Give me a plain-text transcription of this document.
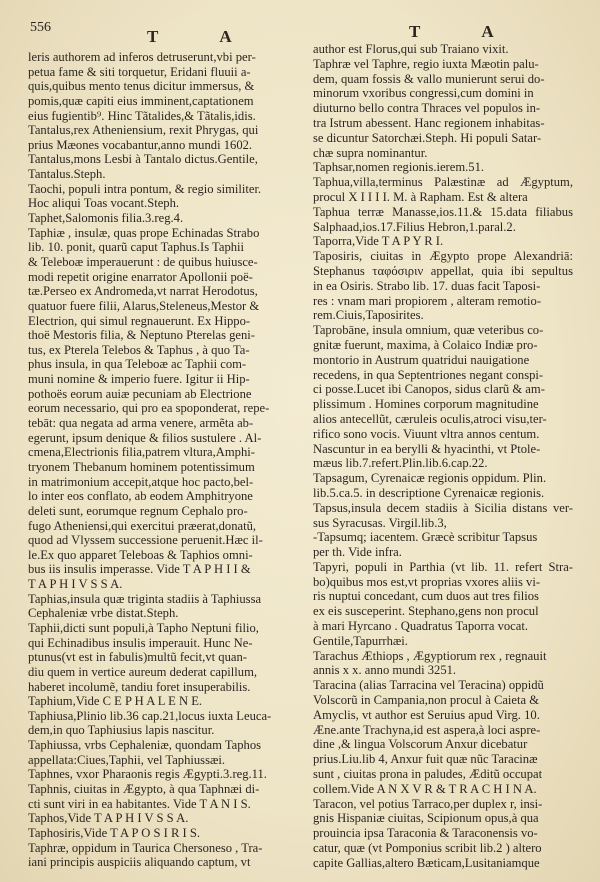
556	T A	T A
leris authorem ad inferos detruserunt,vbi per-
petua fame & siti torquetur, Eridani fluuii a-
quis,quibus mento tenus dicitur immersus, &
pomis,quæ capiti eius imminent,captationem
eius fugientib⁹. Hinc Tãtalides,& Tãtalis,idis.
Tantalus,rex Atheniensium, rexit Phrygas, qui
prius Mæones vocabantur,anno mundi 1602.
Tantalus,mons Lesbi à Tantalo dictus.Gentile,
Tantalus.Steph.
Taochi, populi intra pontum, & regio similiter.
Hoc aliqui Toas vocant.Steph.
Taphet,Salomonis filia.3.reg.4.
Taphiæ , insulæ, quas prope Echinadas Strabo
lib. 10. ponit, quarũ caput Taphus.Is Taphii
& Teleboæ imperauerunt : de quibus huiusce-
modi repetit origine enarrator Apollonii poë-
tæ.Perseo ex Andromeda,vt narrat Herodotus,
quatuor fuere filii, Alarus,Steleneus,Mestor &
Electrion, qui simul regnauerunt. Ex Hippo-
thoë Mestoris filia, & Neptuno Pterelas geni-
tus, ex Pterela Telebos & Taphus , à quo Ta-
phus insula, in qua Teleboæ ac Taphii com-
muni nomine & imperio fuere. Igitur ii Hip-
pothoës eorum auiæ pecuniam ab Electrione
eorum necessario, qui pro ea spoponderat, repe-
tebāt: qua negata ad arma venere, armẽta ab-
egerunt, ipsum denique & filios sustulere . Al-
cmena,Electrionis filia,patrem vltura,Amphi-
tryonem Thebanum hominem potentissimum
in matrimonium accepit,atque hoc pacto,bel-
lo inter eos conflato, ab eodem Amphitryone
deleti sunt, eorumque regnum Cephalo pro-
fugo Atheniensi,qui exercitui præerat,donatũ,
quod ad Vlyssem successione peruenit.Hæc il-
le.Ex quo apparet Teleboas & Taphios omni-
bus iis insulis imperasse. Vide T A P H I I &
T A P H I V S S A.
Taphias,insula quæ triginta stadiis à Taphiussa
Cephaleniæ vrbe distat.Steph.
Taphii,dicti sunt populi,à Tapho Neptuni filio,
qui Echinadibus insulis imperauit. Hunc Ne-
ptunus(vt est in fabulis)multũ fecit,vt quan-
diu quem in vertice aureum dederat capillum,
haberet incolumẽ, tandiu foret insuperabilis.
Taphium,Vide C E P H A L E N E.
Taphiusa,Plinio lib.36 cap.21,locus iuxta Leuca-
dem,in quo Taphiusius lapis nascitur.
Taphiussa, vrbs Cephaleniæ, quondam Taphos
appellata:Ciues,Taphii, vel Taphiussæi.
Taphnes, vxor Pharaonis regis Ægypti.3.reg.11.
Taphnis, ciuitas in Ægypto, à qua Taphnæi di-
cti sunt viri in ea habitantes. Vide T A N I S.
Taphos,Vide T A P H I V S S A.
Taphosiris,Vide T A P O S I R I S.
Taphræ, oppidum in Taurica Chersoneso , Tra-
iani principis auspiciis aliquando captum, vt
author est Florus,qui sub Traiano vixit.
Taphræ vel Taphre, regio iuxta Mæotin palu-
dem, quam fossis & vallo munierunt serui do-
minorum vxoribus congressi,cum domini in
diuturno bello contra Thraces vel populos in-
tra Istrum abessent. Hanc regionem inhabitas-
se dicuntur Satorchæi.Steph. Hi populi Satar-
chæ supra nominantur.
Taphsar,nomen regionis.ierem.51.
Taphua,villa,terminus Palæstinæ ad Ægyptum,
procul X I I I I. M. à Rapham. Est & altera
Taphua terræ Manasse,ios.11.& 15.data filiabus
Salphaad,ios.17.Filius Hebron,1.paral.2.
Taporra,Vide T A P Y R I.
Taposiris, ciuitas in Ægypto prope Alexandriā:
Stephanus ταφόσιριν appellat, quia ibi sepultus
in ea Osiris. Strabo lib. 17. duas facit Taposi-
res : vnam mari propiorem , alteram remotio-
rem.Ciuis,Taposirites.
Taprobāne, insula omnium, quæ veteribus co-
gnitæ fuerunt, maxima, à Colaico Indiæ pro-
montorio in Austrum quatridui nauigatione
recedens, in qua Septentriones negant conspi-
ci posse.Lucet ibi Canopos, sidus clarũ & am-
plissimum . Homines corporum magnitudine
alios antecellũt, cæruleis oculis,atroci visu,ter-
rifico sono vocis. Viuunt vltra annos centum.
Nascuntur in ea berylli & hyacinthi, vt Ptole-
mæus lib.7.refert.Plin.lib.6.cap.22.
Tapsagum, Cyrenaicæ regionis oppidum. Plin.
lib.5.ca.5. in descriptione Cyrenaicæ regionis.
Tapsus,insula decem stadiis à Sicilia distans ver-
sus Syracusas. Virgil.lib.3,
-Tapsumq; iacentem. Græcè scribitur Tapsus
per th. Vide infra.
Tapyri, populi in Parthia (vt lib. 11. refert Stra-
bo)quibus mos est,vt proprias vxores aliis vi-
ris nuptui concedant, cum duos aut tres filios
ex eis susceperint. Stephano,gens non procul
à mari Hyrcano . Quadratus Taporra vocat.
Gentile,Tapurrhæi.
Tarachus Æthiops , Ægyptiorum rex , regnauit
annis x x. anno mundi 3251.
Taracina (alias Tarracina vel Teracina) oppidũ
Volscorũ in Campania,non procul à Caieta &
Amyclis, vt author est Seruius apud Virg. 10.
Æne.ante Trachyna,id est aspera,à loci aspre-
dine ,& lingua Volscorum Anxur dicebatur
prius.Liu.lib 4, Anxur fuit quæ nũc Taracinæ
sunt , ciuitas prona in paludes, Æditũ occupat
collem.Vide A N X V R & T R A C H I N A.
Taracon, vel potius Tarraco,per duplex r, insi-
gnis Hispaniæ ciuitas, Scipionum opus,à qua
prouincia ipsa Taraconia & Taraconensis vo-
catur, quæ (vt Pomponius scribit lib.2 ) altero
capite Gallias,altero Bæticam,Lusitaniamque
